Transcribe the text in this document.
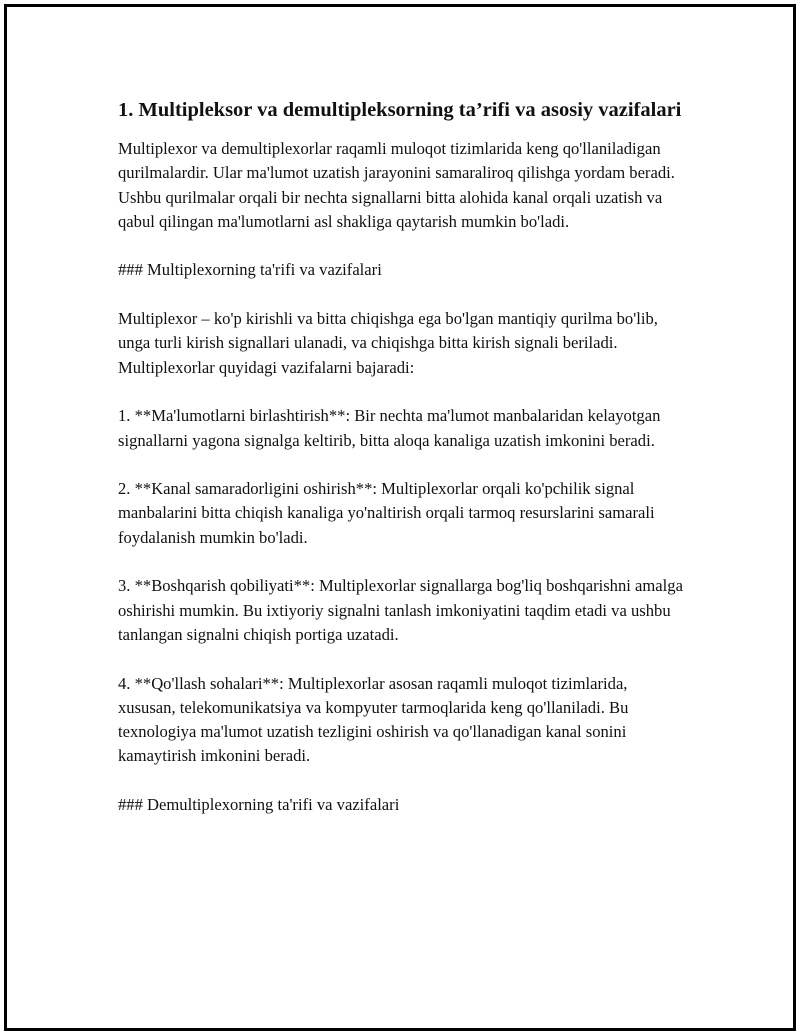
1. Multipleksor va demultipleksorning ta’rifi va asosiy vazifalari

Multiplexor va demultiplexorlar raqamli muloqot tizimlarida keng qo'llaniladigan qurilmalardir. Ular ma'lumot uzatish jarayonini samaraliroq qilishga yordam beradi. Ushbu qurilmalar orqali bir nechta signallarni bitta alohida kanal orqali uzatish va qabul qilingan ma'lumotlarni asl shakliga qaytarish mumkin bo'ladi.

### Multiplexorning ta'rifi va vazifalari

Multiplexor – ko'p kirishli va bitta chiqishga ega bo'lgan mantiqiy qurilma bo'lib, unga turli kirish signallari ulanadi, va chiqishga bitta kirish signali beriladi. Multiplexorlar quyidagi vazifalarni bajaradi:

1. **Ma'lumotlarni birlashtirish**: Bir nechta ma'lumot manbalaridan kelayotgan signallarni yagona signalga keltirib, bitta aloqa kanaliga uzatish imkonini beradi.

2. **Kanal samaradorligini oshirish**: Multiplexorlar orqali ko'pchilik signal manbalarini bitta chiqish kanaliga yo'naltirish orqali tarmoq resurslarini samarali foydalanish mumkin bo'ladi.

3. **Boshqarish qobiliyati**: Multiplexorlar signallarga bog'liq boshqarishni amalga oshirishi mumkin. Bu ixtiyoriy signalni tanlash imkoniyatini taqdim etadi va ushbu tanlangan signalni chiqish portiga uzatadi.

4. **Qo'llash sohalari**: Multiplexorlar asosan raqamli muloqot tizimlarida, xususan, telekomunikatsiya va kompyuter tarmoqlarida keng qo'llaniladi. Bu texnologiya ma'lumot uzatish tezligini oshirish va qo'llanadigan kanal sonini kamaytirish imkonini beradi.

### Demultiplexorning ta'rifi va vazifalari
